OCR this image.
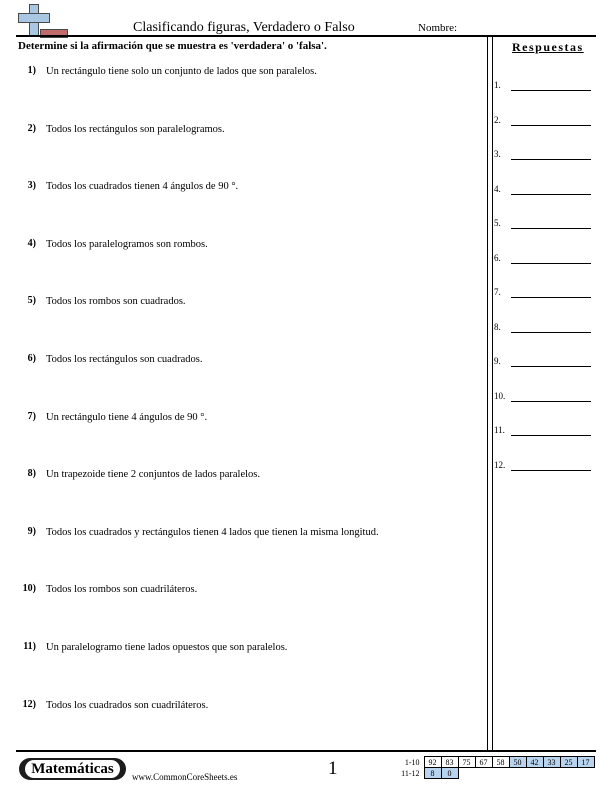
Clasificando figuras, Verdadero o Falso	Nombre:
Determine si la afirmación que se muestra es 'verdadera' o 'falsa'.	Respuestas
1) Un rectángulo tiene solo un conjunto de lados que son paralelos.
2) Todos los rectángulos son paralelogramos.
3) Todos los cuadrados tienen 4 ángulos de 90 °.
4) Todos los paralelogramos son rombos.
5) Todos los rombos son cuadrados.
6) Todos los rectángulos son cuadrados.
7) Un rectángulo tiene 4 ángulos de 90 °.
8) Un trapezoide tiene 2 conjuntos de lados paralelos.
9) Todos los cuadrados y rectángulos tienen 4 lados que tienen la misma longitud.
10) Todos los rombos son cuadriláteros.
11) Un paralelogramo tiene lados opuestos que son paralelos.
12) Todos los cuadrados son cuadriláteros.
1.
2.
3.
4.
5.
6.
7.
8.
9.
10.
11.
12.
Matemáticas	www.CommonCoreSheets.es	1	1-10	92	83	75	67	58	50	42	33	25	17
11-12	8	0								
